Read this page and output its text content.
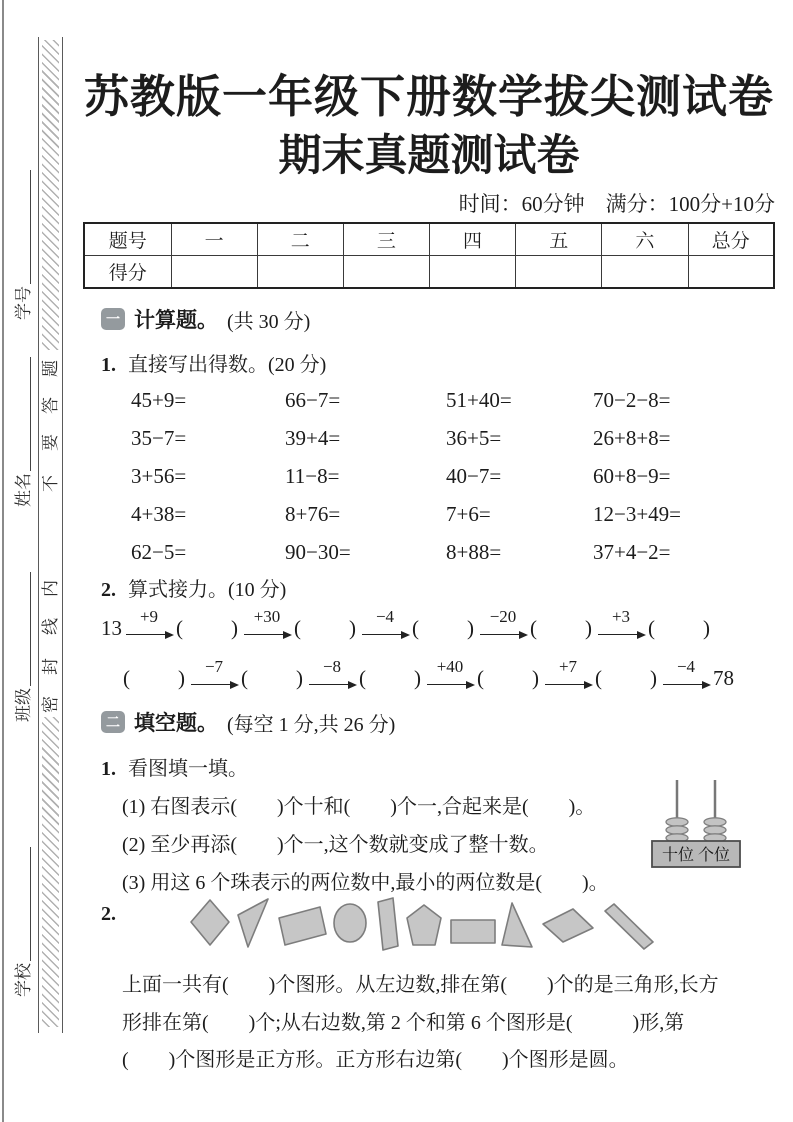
学号
姓名
班级
学校
题
答
要
不
内
线
封
密
苏教版一年级下册数学拔尖测试卷
期末真题测试卷
时间：60分钟　满分：100分+10分
题号	一	二	三	四	五	六	总分
得分							
一 计算题。 (共 30 分)
1. 直接写出得数。(20 分)
45+9=	66−7=	51+40=	70−2−8=
35−7=	39+4=	36+5=	26+8+8=
3+56=	11−8=	40−7=	60+8−9=
4+38=	8+76=	7+6=	12−3+49=
62−5=	90−30=	8+88=	37+4−2=
2. 算式接力。(10 分)
13 +9 (　　) +30 (　　) −4 (　　) −20 (　　) +3 (　　)
(　　) −7 (　　) −8 (　　) +40 (　　) +7 (　　) −4 78
二 填空题。 (每空 1 分,共 26 分)
1. 看图填一填。
(1) 右图表示(　　)个十和(　　)个一,合起来是(　　)。
(2) 至少再添(　　)个一,这个数就变成了整十数。
(3) 用这 6 个珠表示的两位数中,最小的两位数是(　　)。
十位 个位
2.
上面一共有(　　)个图形。从左边数,排在第(　　)个的是三角形,长方
形排在第(　　)个;从右边数,第 2 个和第 6 个图形是(　　　)形,第
(　　)个图形是正方形。正方形右边第(　　)个图形是圆。
